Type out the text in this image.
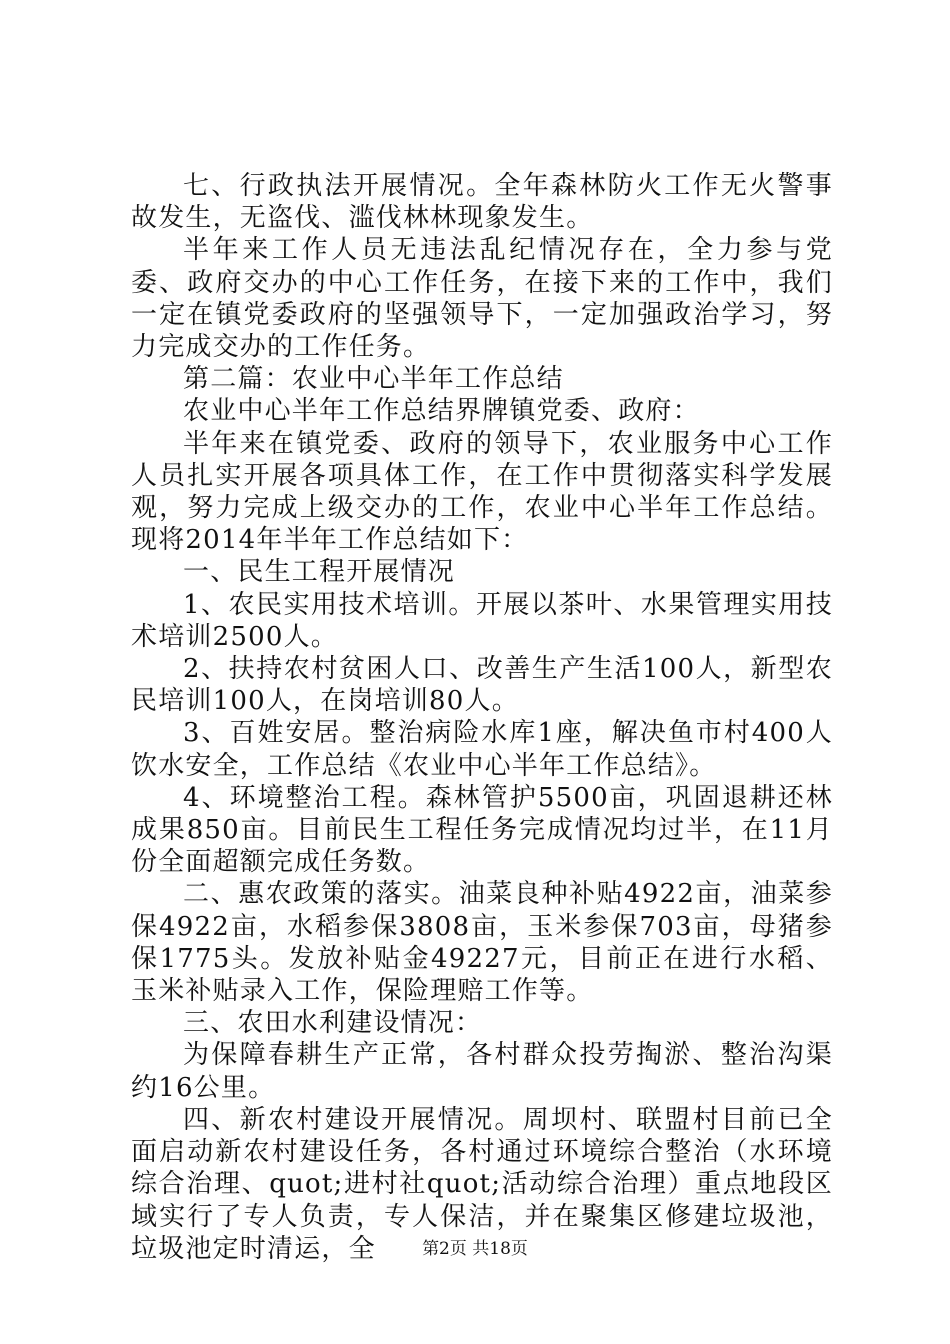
七、行政执法开展情况。全年森林防火工作无火警事故发生，无盗伐、滥伐林林现象发生。

半年来工作人员无违法乱纪情况存在，全力参与党委、政府交办的中心工作任务，在接下来的工作中，我们一定在镇党委政府的坚强领导下，一定加强政治学习，努力完成交办的工作任务。

第二篇：农业中心半年工作总结

农业中心半年工作总结界牌镇党委、政府：

半年来在镇党委、政府的领导下，农业服务中心工作人员扎实开展各项具体工作，在工作中贯彻落实科学发展观，努力完成上级交办的工作，农业中心半年工作总结。现将2014年半年工作总结如下：

一、民生工程开展情况

1、农民实用技术培训。开展以茶叶、水果管理实用技术培训2500人。

2、扶持农村贫困人口、改善生产生活100人，新型农民培训100人，在岗培训80人。

3、百姓安居。整治病险水库1座，解决鱼市村400人饮水安全，工作总结《农业中心半年工作总结》。

4、环境整治工程。森林管护5500亩，巩固退耕还林成果850亩。目前民生工程任务完成情况均过半，在11月份全面超额完成任务数。

二、惠农政策的落实。油菜良种补贴4922亩，油菜参保4922亩，水稻参保3808亩，玉米参保703亩，母猪参保1775头。发放补贴金49227元，目前正在进行水稻、玉米补贴录入工作，保险理赔工作等。

三、农田水利建设情况：

为保障春耕生产正常，各村群众投劳掏淤、整治沟渠约16公里。

四、新农村建设开展情况。周坝村、联盟村目前已全面启动新农村建设任务，各村通过环境综合整治（水环境综合治理、quot;进村社quot;活动综合治理）重点地段区域实行了专人负责，专人保洁，并在聚集区修建垃圾池，垃圾池定时清运，全	第2页 共18页
